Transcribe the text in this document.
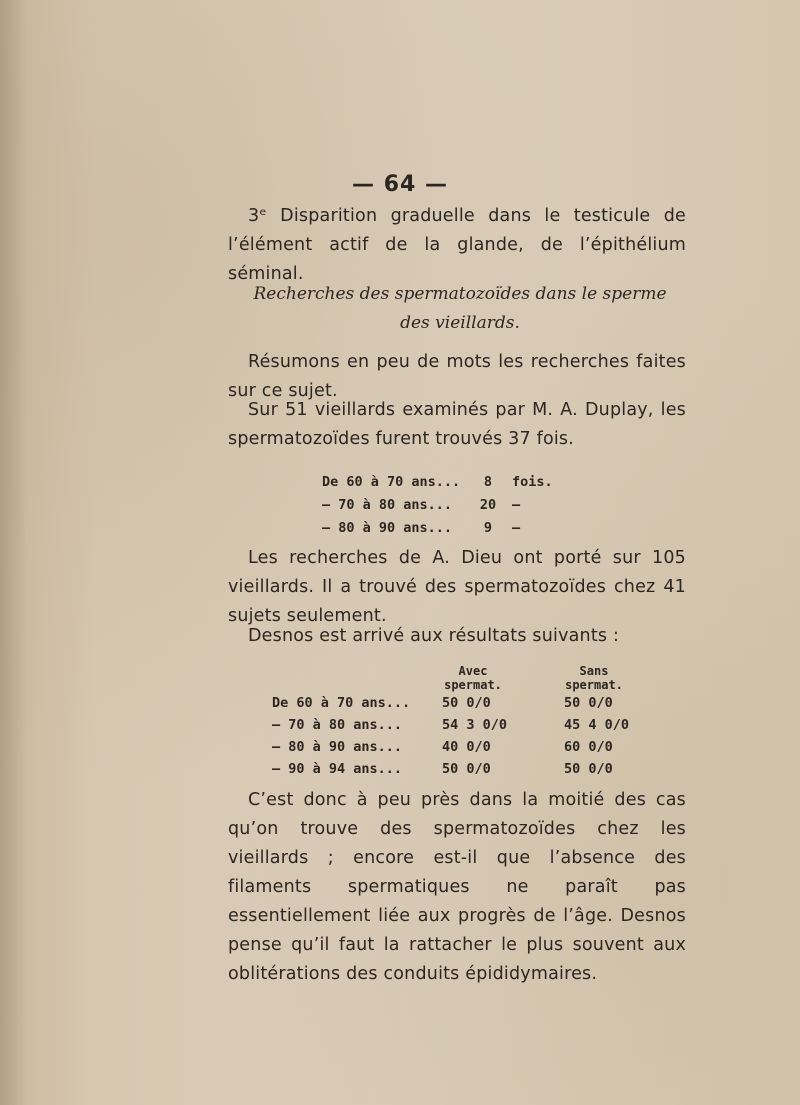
— 64 —

3ᵉ Disparition graduelle dans le testicule de l’élément actif de la glande, de l’épithélium séminal.

Recherches des spermatozoïdes dans le sperme des vieillards.

Résumons en peu de mots les recherches faites sur ce sujet.

Sur 51 vieillards examinés par M. A. Duplay, les spermatozoïdes furent trouvés 37 fois.

De 60 à 70 ans...	8	fois.
— 70 à 80 ans...	20	—
— 80 à 90 ans...	9	—

Les recherches de A. Dieu ont porté sur 105 vieillards. Il a trouvé des spermatozoïdes chez 41 sujets seulement.

Desnos est arrivé aux résultats suivants :

	Avec spermat.	Sans spermat.
De 60 à 70 ans...	50 0/0	50 0/0
— 70 à 80 ans...	54 3 0/0	45 4 0/0
— 80 à 90 ans...	40 0/0	60 0/0
— 90 à 94 ans...	50 0/0	50 0/0

C’est donc à peu près dans la moitié des cas qu’on trouve des spermatozoïdes chez les vieillards ; encore est-il que l’absence des filaments spermatiques ne paraît pas essentiellement liée aux progrès de l’âge. Desnos pense qu’il faut la rattacher le plus souvent aux oblitérations des conduits épididymaires.
